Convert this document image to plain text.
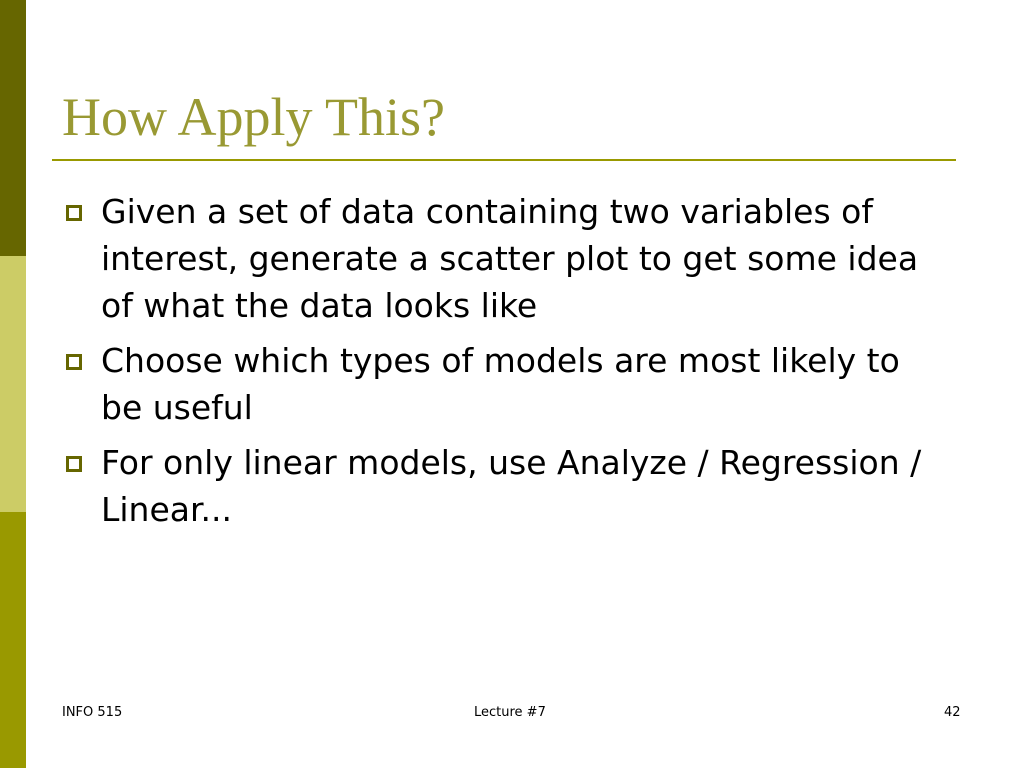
How Apply This?
Given a set of data containing two variables of interest, generate a scatter plot to get some idea of what the data looks like
Choose which types of models are most likely to be useful
For only linear models, use Analyze / Regression / Linear...
INFO 515	Lecture #7	42
